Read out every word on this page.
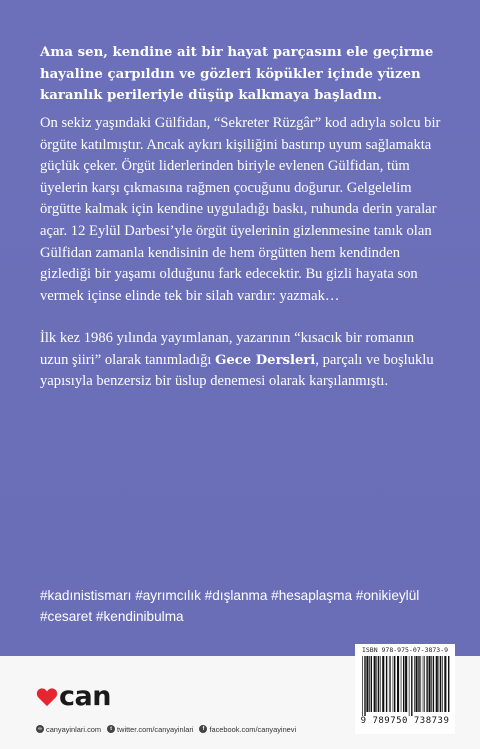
Ama sen, kendine ait bir hayat parçasını ele geçirme hayaline çarpıldın ve gözleri köpükler içinde yüzen karanlık perileriyle düşüp kalkmaya başladın.

On sekiz yaşındaki Gülfidan, “Sekreter Rüzgâr” kod adıyla solcu bir örgüte katılmıştır. Ancak aykırı kişiliğini bastırıp uyum sağlamakta güçlük çeker. Örgüt liderlerinden biriyle evlenen Gülfidan, tüm üyelerin karşı çıkmasına rağmen çocuğunu doğurur. Gelgelelim örgütte kalmak için kendine uyguladığı baskı, ruhunda derin yaralar açar. 12 Eylül Darbesi’yle örgüt üyelerinin gizlenmesine tanık olan Gülfidan zamanla kendisinin de hem örgütten hem kendinden gizlediği bir yaşamı olduğunu fark edecektir. Bu gizli hayata son vermek içinse elinde tek bir silah vardır: yazmak…

İlk kez 1986 yılında yayımlanan, yazarının “kısacık bir romanın uzun şiiri” olarak tanımladığı Gece Dersleri, parçalı ve boşluklu yapısıyla benzersiz bir üslup denemesi olarak karşılanmıştı.

#kadınistismarı #ayrımcılık #dışlanma #hesaplaşma #onikieylül #cesaret #kendinibulma

can
∞ canyayinlari.com	t twitter.com/canyayinlari	f facebook.com/canyayinevi
ISBN 978-975-07-3873-9
9 789750 738739
